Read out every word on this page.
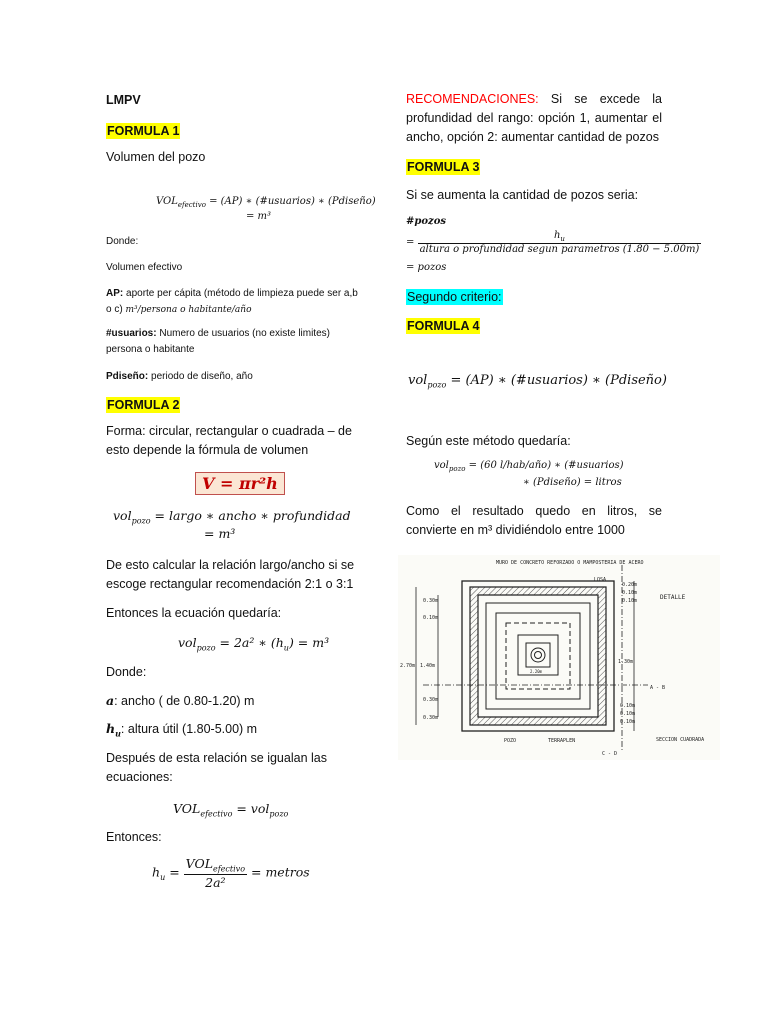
LMPV
FORMULA 1
Volumen del pozo
$VOL_{efectivo} = (AP)$ ∗ (#usuarios) ∗ (Pdiseño)
= m³
Donde:
Volumen efectivo
AP: aporte per cápita (método de limpieza puede ser a,b o c) m³/persona o habitante/año
#usuarios: Numero de usuarios (no existe limites) persona o habitante
Pdiseño: periodo de diseño, año
FORMULA 2
Forma: circular, rectangular o cuadrada – de esto depende la fórmula de volumen
V = πr²h
vol$_{pozo}$ = largo ∗ ancho ∗ profundidad
= m³
De esto calcular la relación largo/ancho si se escoge rectangular recomendación 2:1 o 3:1
Entonces la ecuación quedaría:
vol$_{pozo}$ = 2a² ∗ $(h_u) = m^3$
Donde:
a: ancho ( de 0.80-1.20) m
$h_u$: altura útil (1.80-5.00) m
Después de esta relación se igualan las ecuaciones:
$VOL_{efectivo} = vol_{pozo}$
Entonces:
$h_u = \frac{VOL_{efectivo}}{\text{2a²}}$ = metros
RECOMENDACIONES: Si se excede la profundidad del rango: opción 1, aumentar el ancho, opción 2: aumentar cantidad de pozos
FORMULA 3
Si se aumenta la cantidad de pozos seria:
#pozos
= $\frac{h_u}{\text{altura o profundidad segun parametros (1.80 − 5.00m)}}$
= pozos
Segundo criterio:
FORMULA 4
vol$_{pozo}$ = (AP) ∗ (#usuarios) ∗ (Pdiseño)
Según este método quedaría:
vol$_{pozo}$ = (60 l/hab/año) ∗ (#usuarios)
∗ (Pdiseño) = litros
Como el resultado quedo en litros, se convierte en m³ dividiéndolo entre 1000
MURO DE CONCRETO REFORZADO O MAMPOSTERIA DE ACERO
LOSA
0.20m
0.10m
0.10m	DETALLE
0.30m
0.10m
2.70m 1.40m
1.30m
0.30m
0.30m
0.10m
0.10m
0.10m
2.20m
POZO	TERRAPLEN	SECCION CUADRADA
A - B
C - D
